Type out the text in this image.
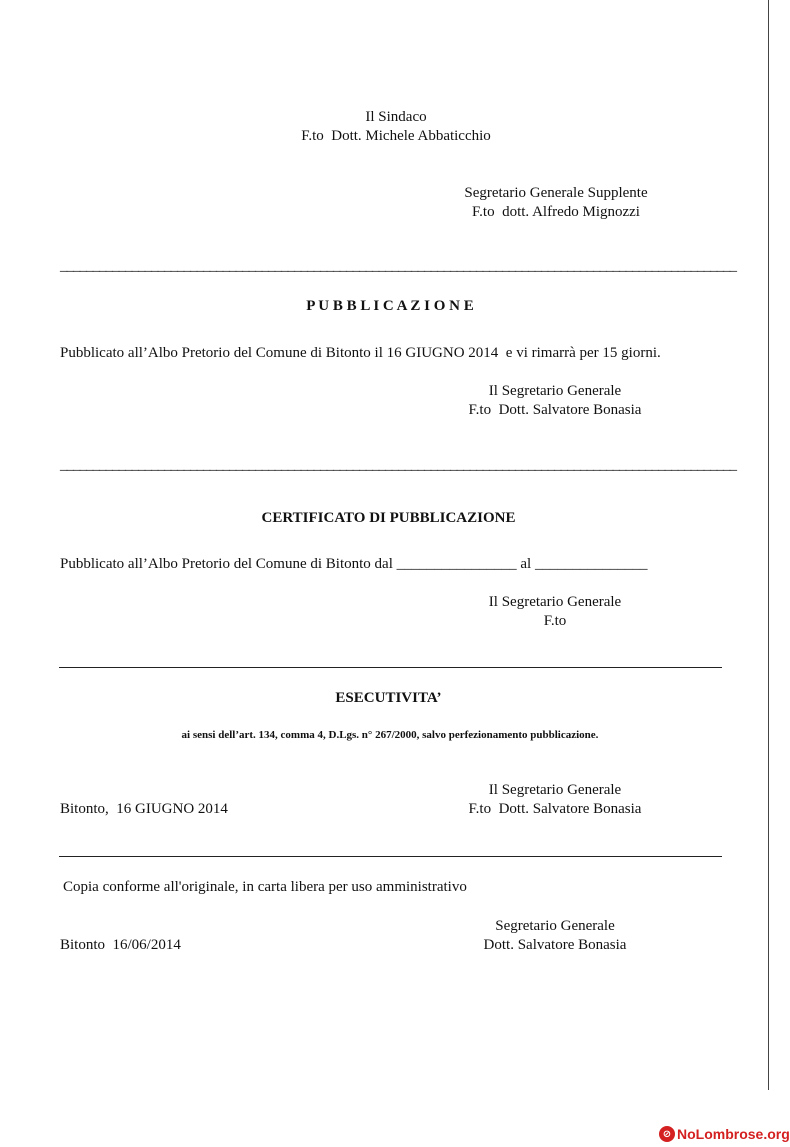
Il Sindaco
F.to  Dott. Michele Abbaticchio
Segretario Generale Supplente
F.to  dott. Alfredo Mignozzi
________________________________________________________________________________________________________
P U B B L I C A Z I O N E
Pubblicato all’Albo Pretorio del Comune di Bitonto il 16 GIUGNO 2014  e vi rimarrà per 15 giorni.
Il Segretario Generale
F.to  Dott. Salvatore Bonasia
________________________________________________________________________________________________________
CERTIFICATO DI PUBBLICAZIONE
Pubblicato all’Albo Pretorio del Comune di Bitonto dal ________________ al _______________
Il Segretario Generale
F.to
ESECUTIVITA’
ai sensi dell’art. 134, comma 4, D.Lgs. n° 267/2000, salvo perfezionamento pubblicazione.
Il Segretario Generale
Bitonto,  16 GIUGNO 2014	F.to  Dott. Salvatore Bonasia
Copia conforme all'originale, in carta libera per uso amministrativo
Segretario Generale
Bitonto  16/06/2014	Dott. Salvatore Bonasia
⊘ NoLombrose.org
